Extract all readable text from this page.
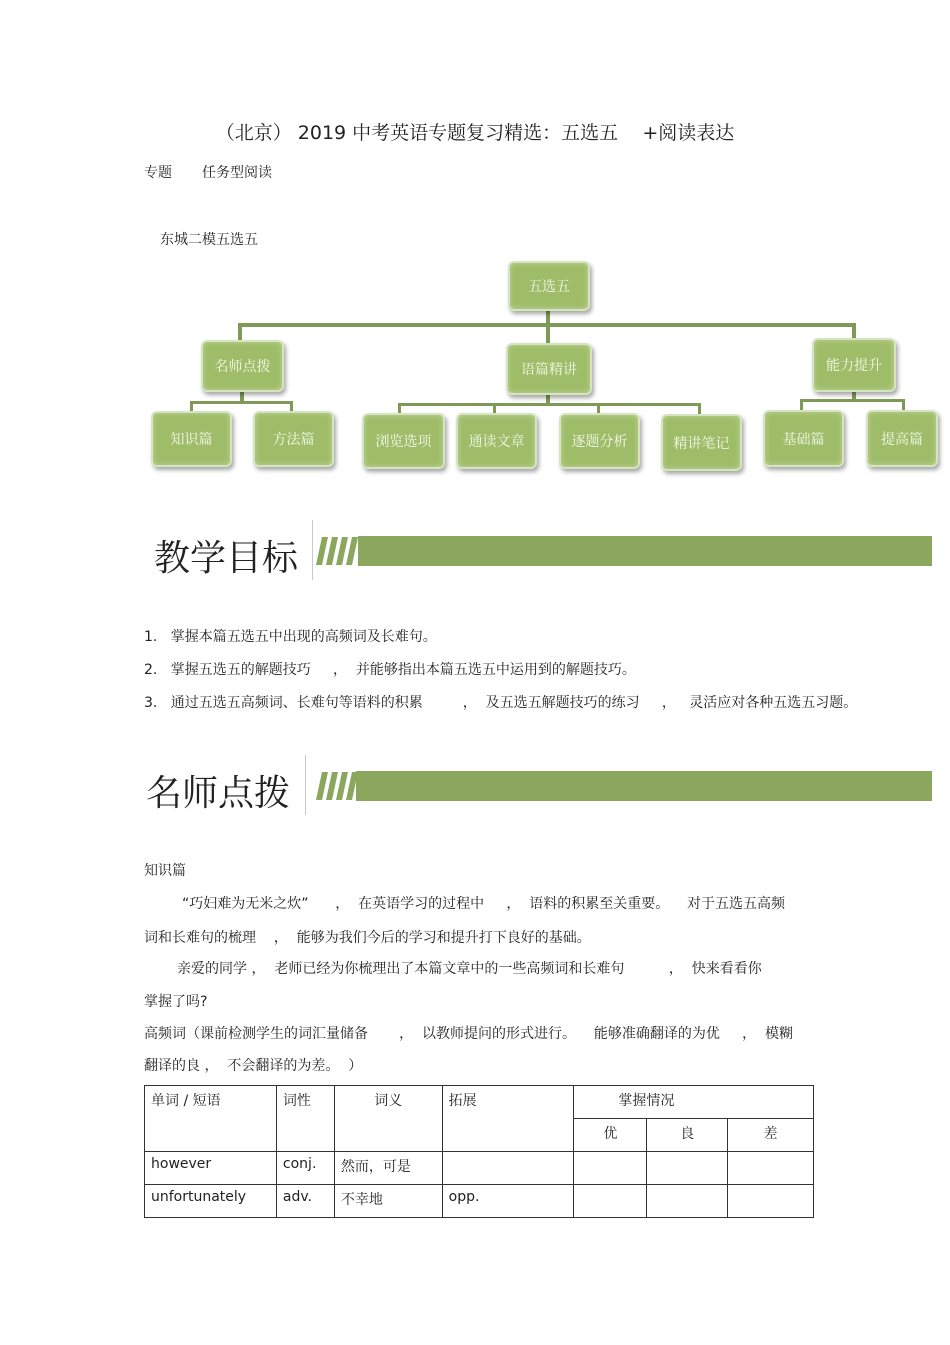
（北京） 2019 中考英语专题复习精选：五选五    +阅读表达
专题 任务型阅读
东城二模五选五
五选五
名师点拨	语篇精讲	能力提升
知识篇	方法篇	浏览选项	通读文章	逐题分析	精讲笔记	基础篇	提高篇
教学目标
1.   掌握本篇五选五中出现的高频词及长难句。
2.   掌握五选五的解题技巧     ，  并能够指出本篇五选五中运用到的解题技巧。
3.   通过五选五高频词、长难句等语料的积累         ，  及五选五解题技巧的练习     ，   灵活应对各种五选五习题。
名师点拨
知识篇
“巧妇难为无米之炊”      ，  在英语学习的过程中     ，  语料的积累至关重要。    对于五选五高频
词和长难句的梳理    ，  能够为我们今后的学习和提升打下良好的基础。
亲爱的同学 ，  老师已经为你梳理出了本篇文章中的一些高频词和长难句          ，  快来看看你
掌握了吗?
高频词（课前检测学生的词汇量储备       ，  以教师提问的形式进行。    能够准确翻译的为优     ，  模糊
翻译的良 ，  不会翻译的为差。  ）
单词 / 短语	词性	词义	拓展	掌握情况		
				优	良	差
however	conj.	然而，可是				
unfortunately	adv.	不幸地	opp.			
